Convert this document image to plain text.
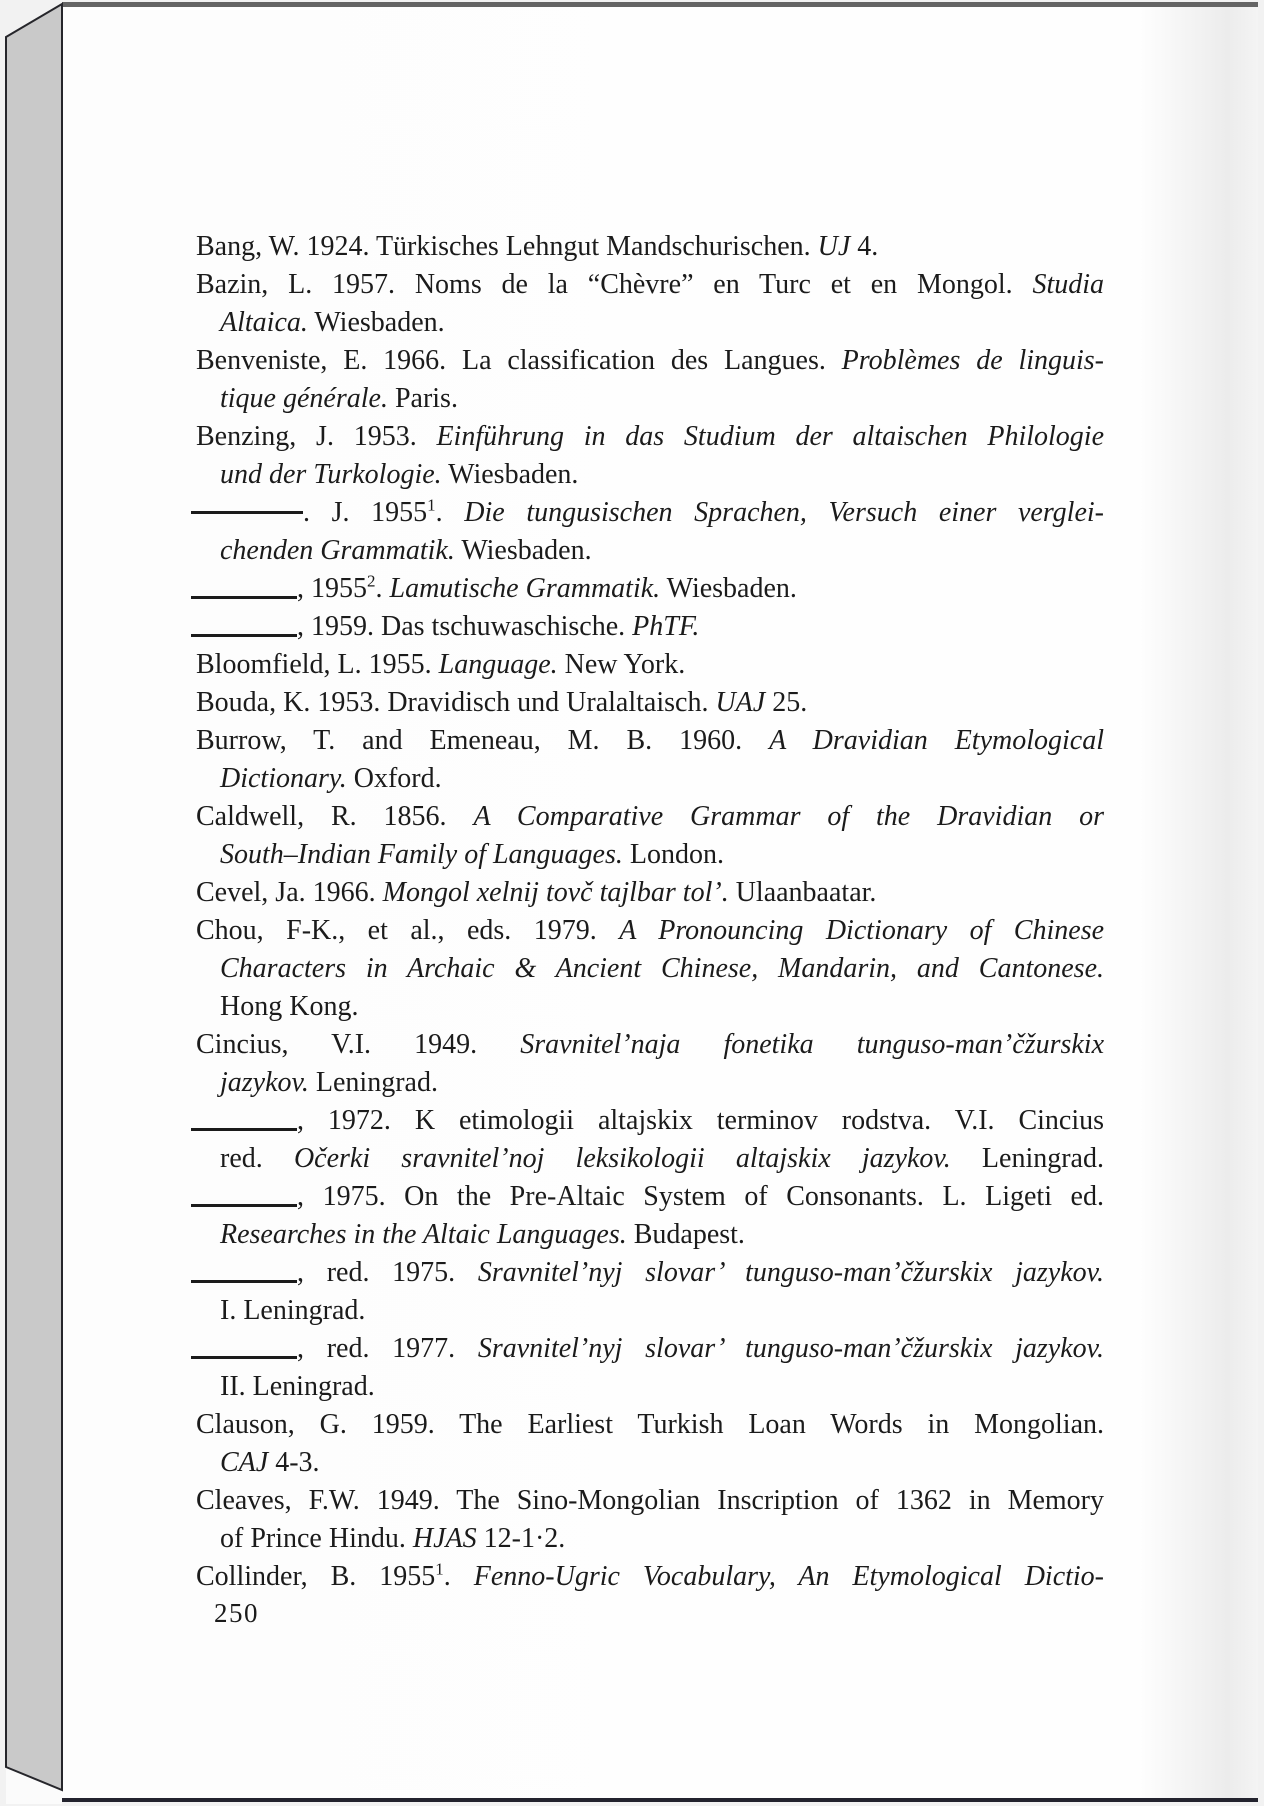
Bang, W. 1924. Türkisches Lehngut Mandschurischen. UJ 4.
Bazin, L. 1957. Noms de la “Chèvre” en Turc et en Mongol. Studia
Altaica. Wiesbaden.
Benveniste, E. 1966. La classification des Langues. Problèmes de linguis-
tique générale. Paris.
Benzing, J. 1953. Einführung in das Studium der altaischen Philologie
und der Turkologie. Wiesbaden.
. J. 1955$^1$. Die tungusischen Sprachen, Versuch einer verglei-
chenden Grammatik. Wiesbaden.
, 1955$^2$. Lamutische Grammatik. Wiesbaden.
, 1959. Das tschuwaschische. PhTF.
Bloomfield, L. 1955. Language. New York.
Bouda, K. 1953. Dravidisch und Uralaltaisch. UAJ 25.
Burrow, T. and Emeneau, M. B. 1960. A Dravidian Etymological
Dictionary. Oxford.
Caldwell, R. 1856. A Comparative Grammar of the Dravidian or
South–Indian Family of Languages. London.
Cevel, Ja. 1966. Mongol xelnij tovč tajlbar tol’. Ulaanbaatar.
Chou, F-K., et al., eds. 1979. A Pronouncing Dictionary of Chinese
Characters in Archaic & Ancient Chinese, Mandarin, and Cantonese.
Hong Kong.
Cincius, V.I. 1949. Sravnitel’naja fonetika tunguso-man’čžurskix
jazykov. Leningrad.
, 1972. K etimologii altajskix terminov rodstva. V.I. Cincius
red. Očerki sravnitel’noj leksikologii altajskix jazykov. Leningrad.
, 1975. On the Pre-Altaic System of Consonants. L. Ligeti ed.
Researches in the Altaic Languages. Budapest.
, red. 1975. Sravnitel’nyj slovar’ tunguso-man’čžurskix jazykov.
I. Leningrad.
, red. 1977. Sravnitel’nyj slovar’ tunguso-man’čžurskix jazykov.
II. Leningrad.
Clauson, G. 1959. The Earliest Turkish Loan Words in Mongolian.
CAJ 4-3.
Cleaves, F.W. 1949. The Sino-Mongolian Inscription of 1362 in Memory
of Prince Hindu. HJAS 12-1·2.
Collinder, B. 1955$^1$. Fenno-Ugric Vocabulary, An Etymological Dictio-
250
